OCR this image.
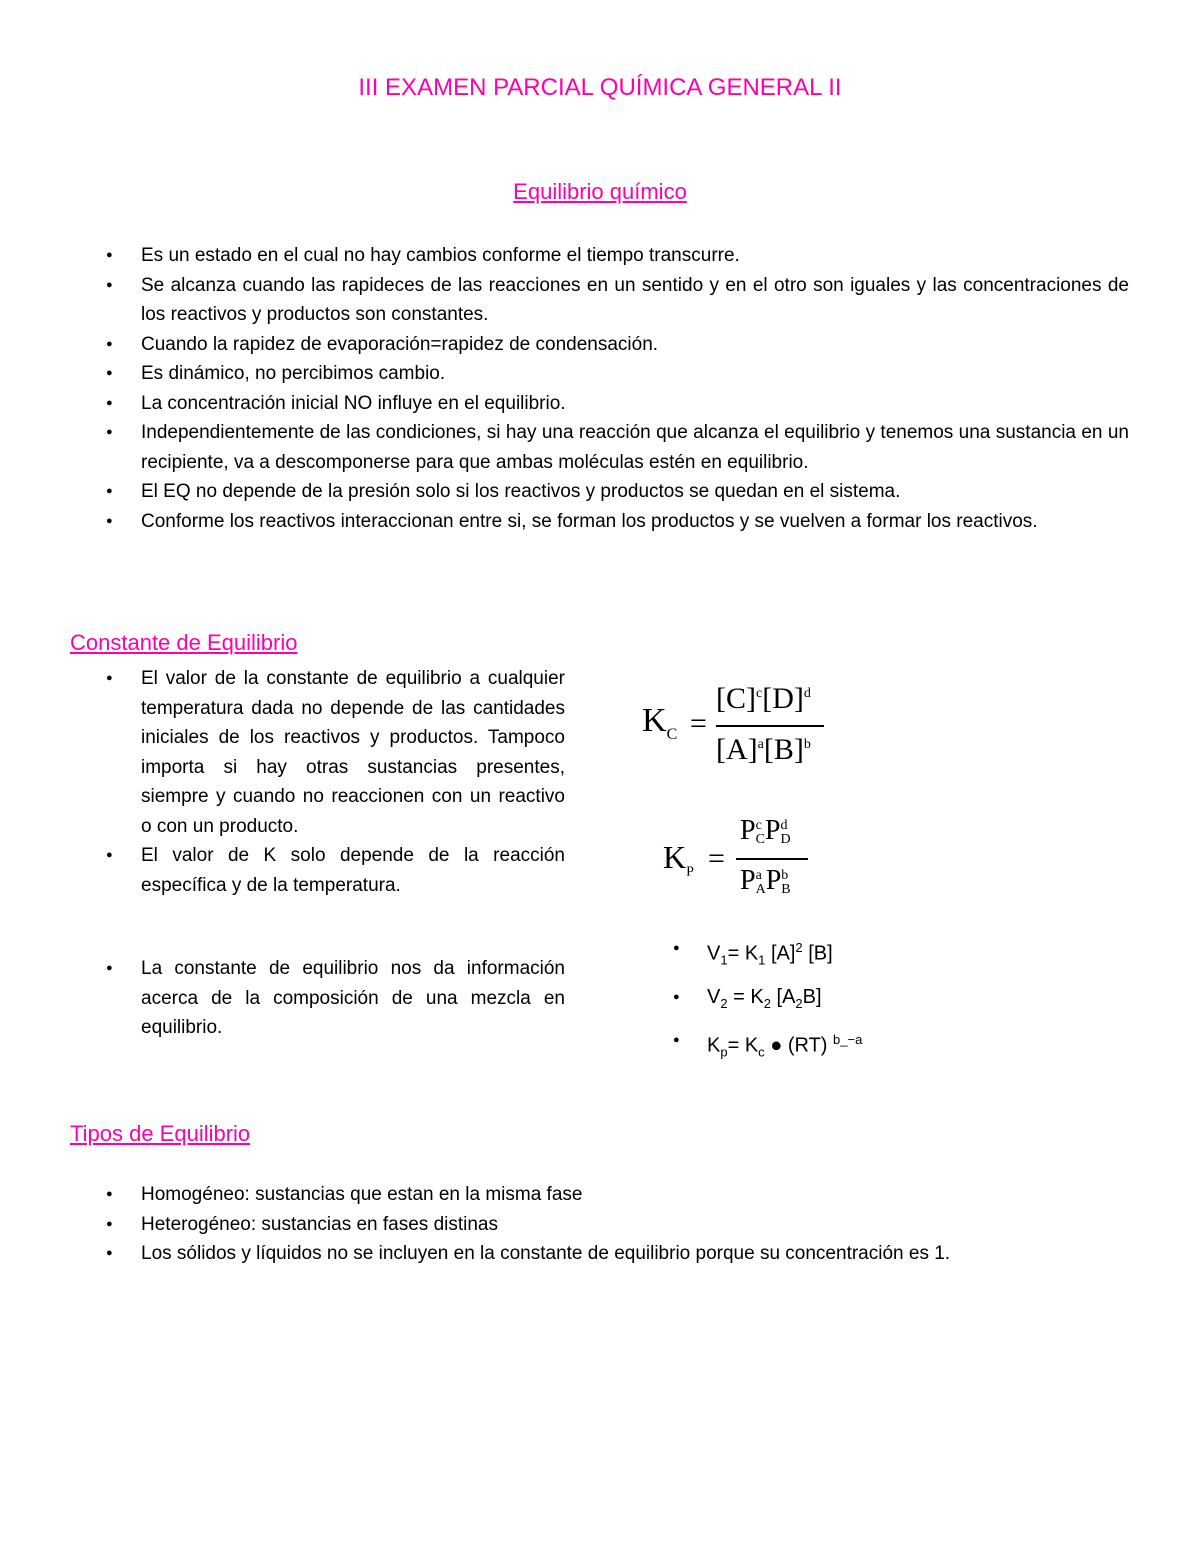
III EXAMEN PARCIAL QUÍMICA GENERAL II
Equilibrio químico
● Es un estado en el cual no hay cambios conforme el tiempo transcurre.
● Se alcanza cuando las rapideces de las reacciones en un sentido y en el otro son iguales y las concentraciones de los reactivos y productos son constantes.
● Cuando la rapidez de evaporación=rapidez de condensación.
● Es dinámico, no percibimos cambio.
● La concentración inicial NO influye en el equilibrio.
● Independientemente de las condiciones, si hay una reacción que alcanza el equilibrio y tenemos una sustancia en un recipiente, va a descomponerse para que ambas moléculas estén en equilibrio.
● El EQ no depende de la presión solo si los reactivos y productos se quedan en el sistema.
● Conforme los reactivos interaccionan entre si, se forman los productos y se vuelven a formar los reactivos.
Constante de Equilibrio
● El valor de la constante de equilibrio a cualquier temperatura dada no depende de las cantidades iniciales de los reactivos y productos. Tampoco importa si hay otras sustancias presentes, siempre y cuando no reaccionen con un reactivo o con un producto.
● El valor de K solo depende de la reacción específica y de la temperatura.
● La constante de equilibrio nos da información acerca de la composición de una mezcla en equilibrio.
$K_C$ =
$[C]^c[D]^d$
$[A]^a[B]^b$
$K_P$ =
Pc
CPd
D
Pa
APb
B
● $V_1= K_1$ $[A]^2$ [B]
● $V_2 = K_2$ $[A_2B]$
● $K_p= K_c$ ● (RT) $^{b\_-a}$
Tipos de Equilibrio
● Homogéneo: sustancias que estan en la misma fase
● Heterogéneo: sustancias en fases distinas
● Los sólidos y líquidos no se incluyen en la constante de equilibrio porque su concentración es 1.
